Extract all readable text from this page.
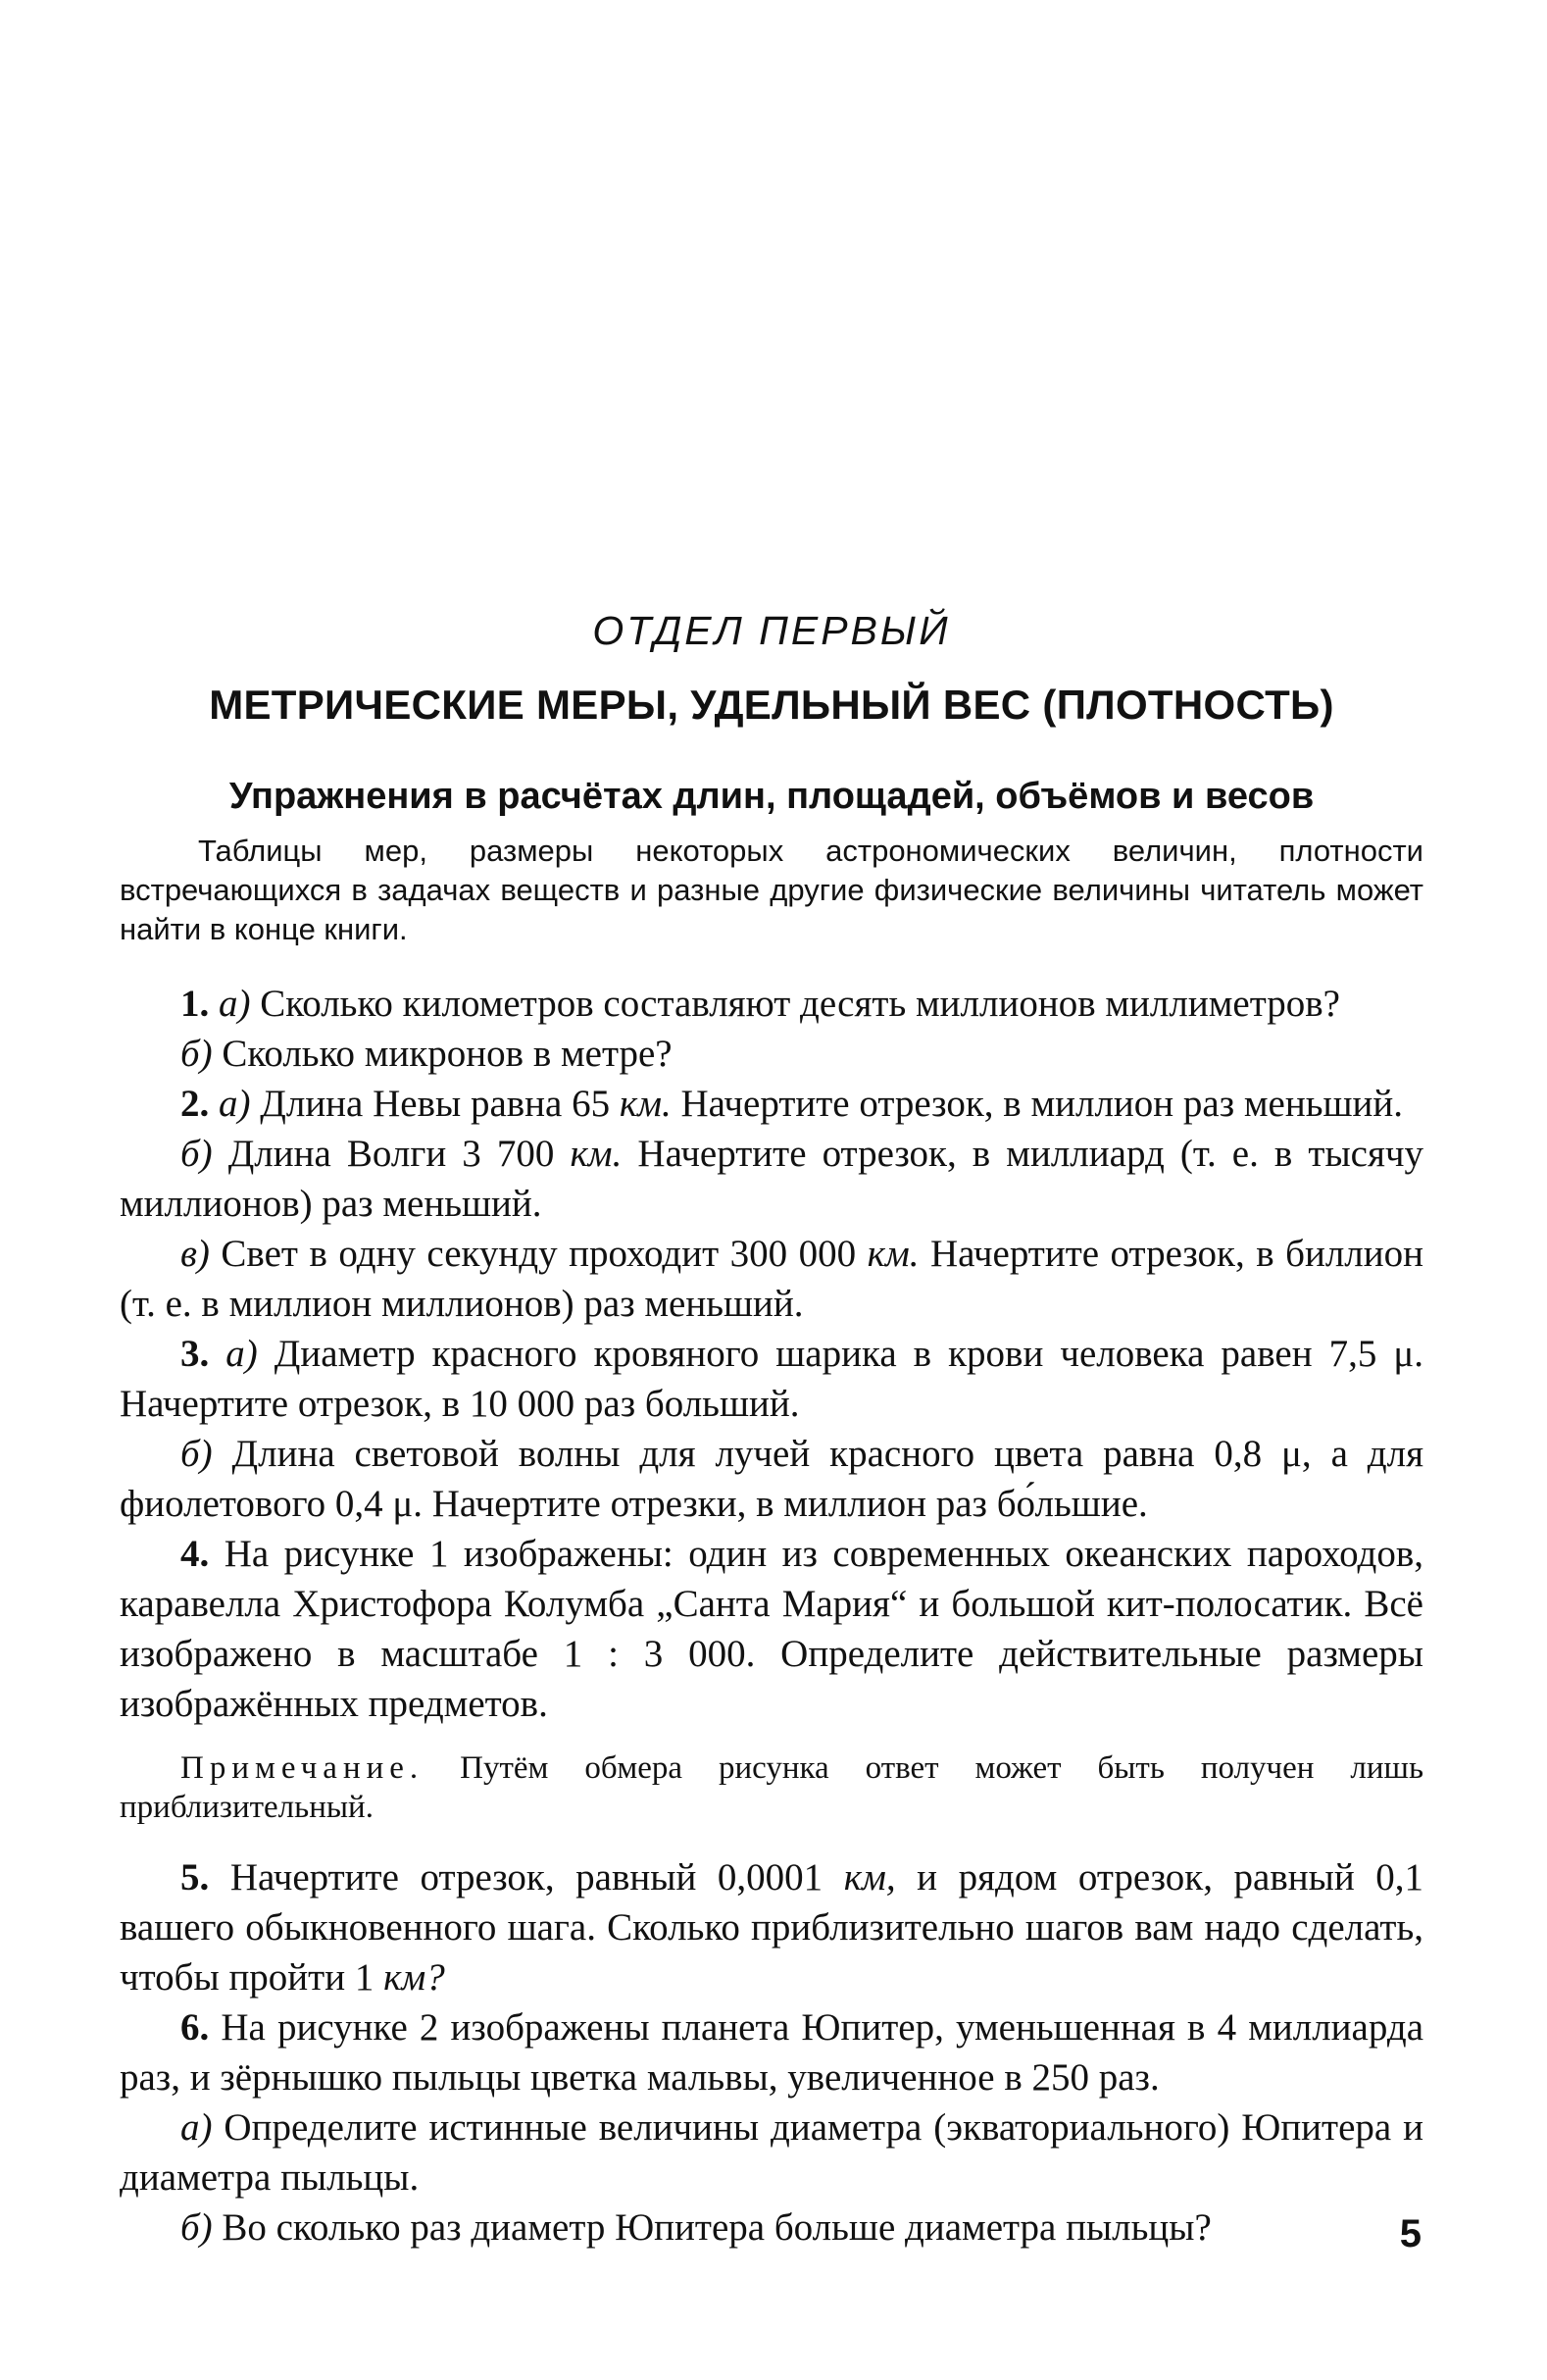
ОТДЕЛ ПЕРВЫЙ
МЕТРИЧЕСКИЕ МЕРЫ, УДЕЛЬНЫЙ ВЕС (ПЛОТНОСТЬ)
Упражнения в расчётах длин, площадей, объёмов и весов

Таблицы мер, размеры некоторых астрономических величин, плотности встречающихся в задачах веществ и разные другие физические величины читатель может найти в конце книги.

1. а) Сколько километров составляют десять миллионов миллиметров?

б) Сколько микронов в метре?

2. а) Длина Невы равна 65 км. Начертите отрезок, в миллион раз меньший.

б) Длина Волги 3 700 км. Начертите отрезок, в миллиард (т. е. в тысячу миллионов) раз меньший.

в) Свет в одну секунду проходит 300 000 км. Начертите отрезок, в биллион (т. е. в миллион миллионов) раз меньший.

3. а) Диаметр красного кровяного шарика в крови человека равен 7,5 μ. Начертите отрезок, в 10 000 раз больший.

б) Длина световой волны для лучей красного цвета равна 0,8 μ, а для фиолетового 0,4 μ. Начертите отрезки, в миллион раз бо́льшие.

4. На рисунке 1 изображены: один из современных океанских пароходов, каравелла Христофора Колумба „Санта Мария“ и большой кит-полосатик. Всё изображено в масштабе 1 : 3 000. Определите действительные размеры изображённых предметов.

Примечание. Путём обмера рисунка ответ может быть получен лишь приблизительный.

5. Начертите отрезок, равный 0,0001 км, и рядом отрезок, равный 0,1 вашего обыкновенного шага. Сколько приблизительно шагов вам надо сделать, чтобы пройти 1 км?

6. На рисунке 2 изображены планета Юпитер, уменьшенная в 4 миллиарда раз, и зёрнышко пыльцы цветка мальвы, увеличенное в 250 раз.

а) Определите истинные величины диаметра (экваториального) Юпитера и диаметра пыльцы.

б) Во сколько раз диаметр Юпитера больше диаметра пыльцы?	5
